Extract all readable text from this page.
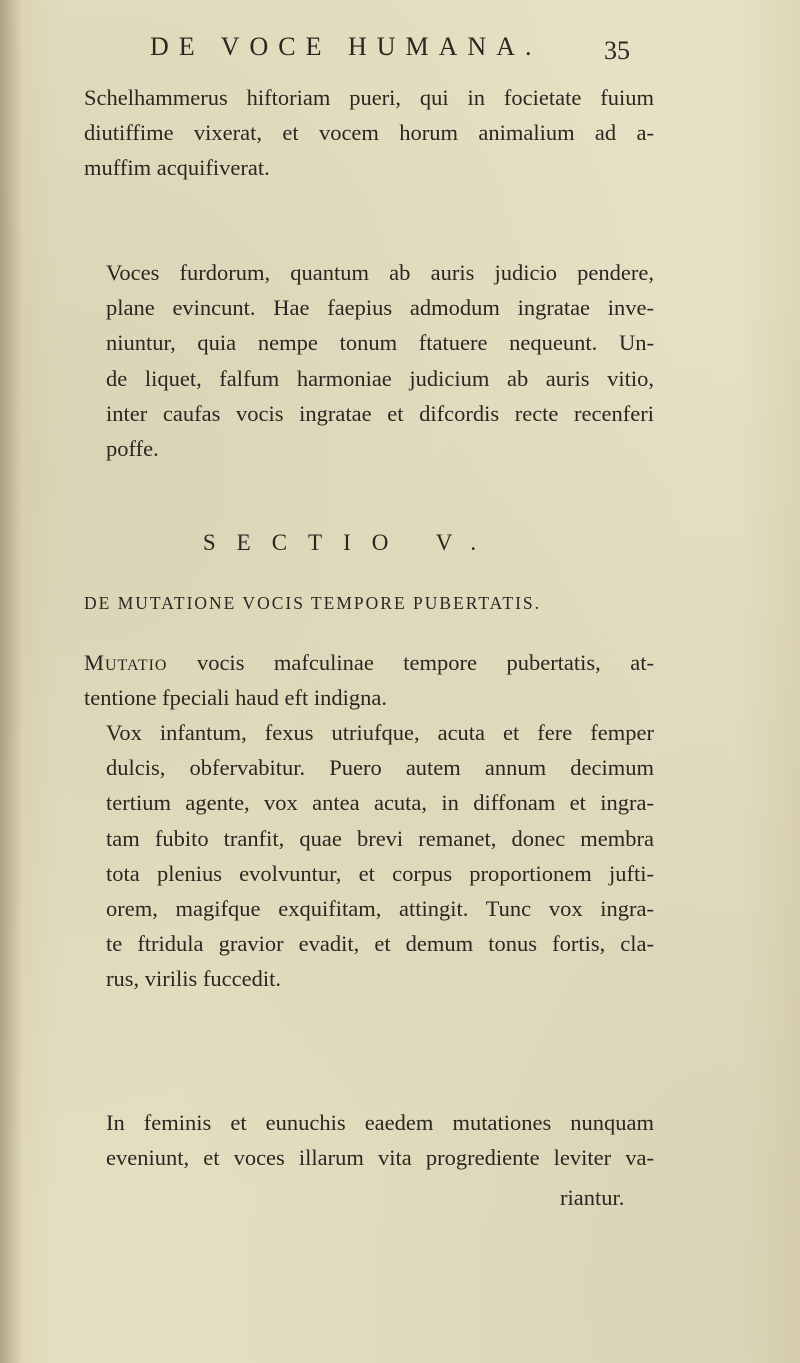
DE VOCE HUMANA. 35
Schelhammerus hiftoriam pueri, qui in focietate fuium
diutiffime vixerat, et vocem horum animalium ad a-
muffim acquifiverat.
Voces furdorum, quantum ab auris judicio pendere,
plane evincunt. Hae faepius admodum ingratae inve-
niuntur, quia nempe tonum ftatuere nequeunt. Un-
de liquet, falfum harmoniae judicium ab auris vitio,
inter caufas vocis ingratae et difcordis recte recenferi
poffe.
SECTIO V.
DE MUTATIONE VOCIS TEMPORE PUBERTATIS.
Mutatio vocis mafculinae tempore pubertatis, at-
tentione fpeciali haud eft indigna.
Vox infantum, fexus utriufque, acuta et fere femper
dulcis, obfervabitur. Puero autem annum decimum
tertium agente, vox antea acuta, in diffonam et ingra-
tam fubito tranfit, quae brevi remanet, donec membra
tota plenius evolvuntur, et corpus proportionem jufti-
orem, magifque exquifitam, attingit. Tunc vox ingra-
te ftridula gravior evadit, et demum tonus fortis, cla-
rus, virilis fuccedit.
In feminis et eunuchis eaedem mutationes nunquam
eveniunt, et voces illarum vita progrediente leviter va-
riantur.
